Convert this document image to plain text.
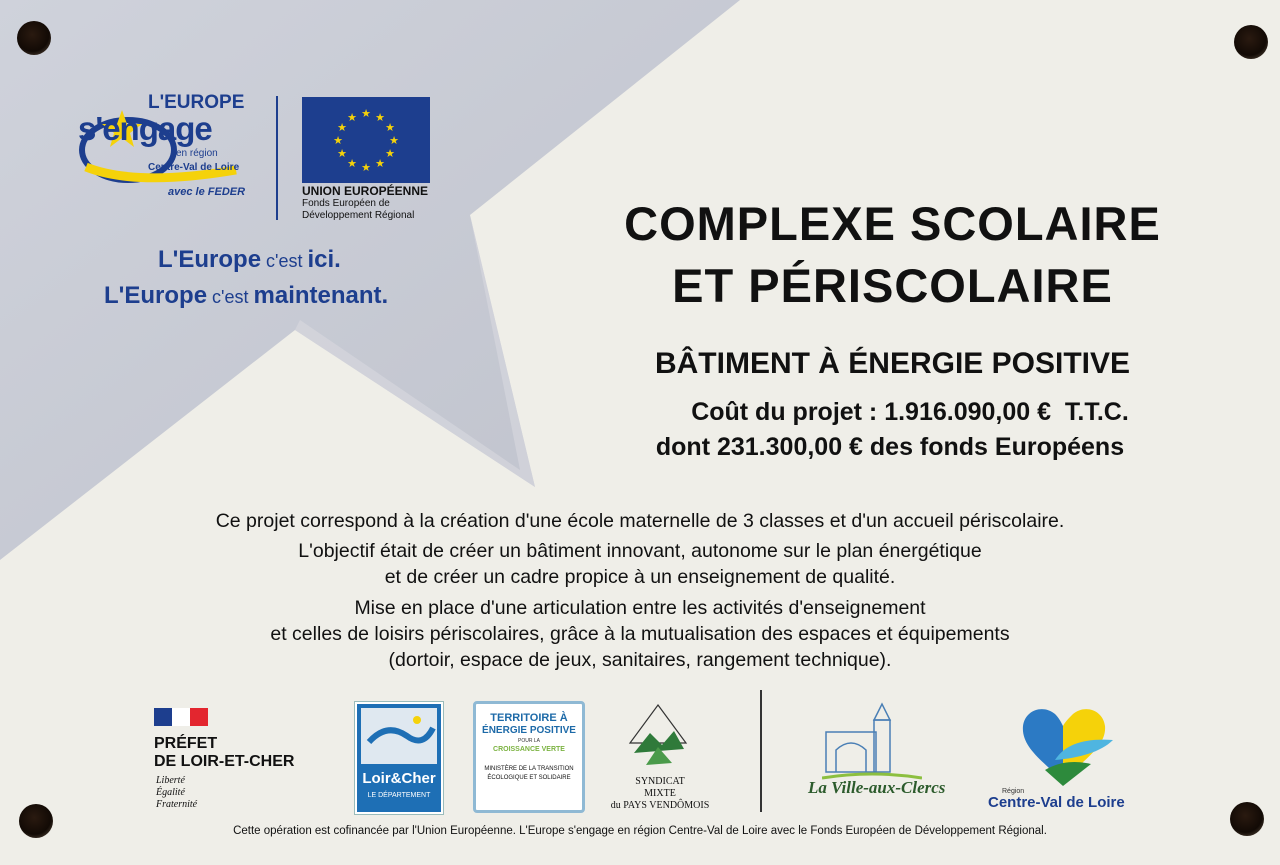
L'EUROPE
s'engage
en région
Centre-Val de Loire
avec le FEDER
★ ★
★
★
★
★
★
★
★
★
★
★
UNION EUROPÉENNE
Fonds Européen de
Développement Régional
L'Europe c'est ici.
L'Europe c'est maintenant.
COMPLEXE SCOLAIRE
ET PÉRISCOLAIRE
BÂTIMENT À ÉNERGIE POSITIVE
Coût du projet : 1.916.090,00 €  T.T.C.
dont 231.300,00 € des fonds Européens
Ce projet correspond à la création d'une école maternelle de 3 classes et d'un accueil périscolaire.
L'objectif était de créer un bâtiment innovant, autonome sur le plan énergétique
et de créer un cadre propice à un enseignement de qualité.
Mise en place d'une articulation entre les activités d'enseignement
et celles de loisirs périscolaires, grâce à la mutualisation des espaces et équipements
(dortoir, espace de jeux, sanitaires, rangement technique).
PRÉFET
DE LOIR-ET-CHER
Liberté
Égalité
Fraternité
Loir&Cher
LE DÉPARTEMENT
TERRITOIRE À
ÉNERGIE POSITIVE
POUR LA
CROISSANCE VERTE
MINISTÈRE DE LA TRANSITION
ÉCOLOGIQUE ET SOLIDAIRE	SYNDICAT
MIXTE
du PAYS VENDÔMOIS
La Ville-aux-Clercs	Région
Centre-Val de Loire
Cette opération est cofinancée par l'Union Européenne. L'Europe s'engage en région Centre-Val de Loire avec le Fonds Européen de Développement Régional.
